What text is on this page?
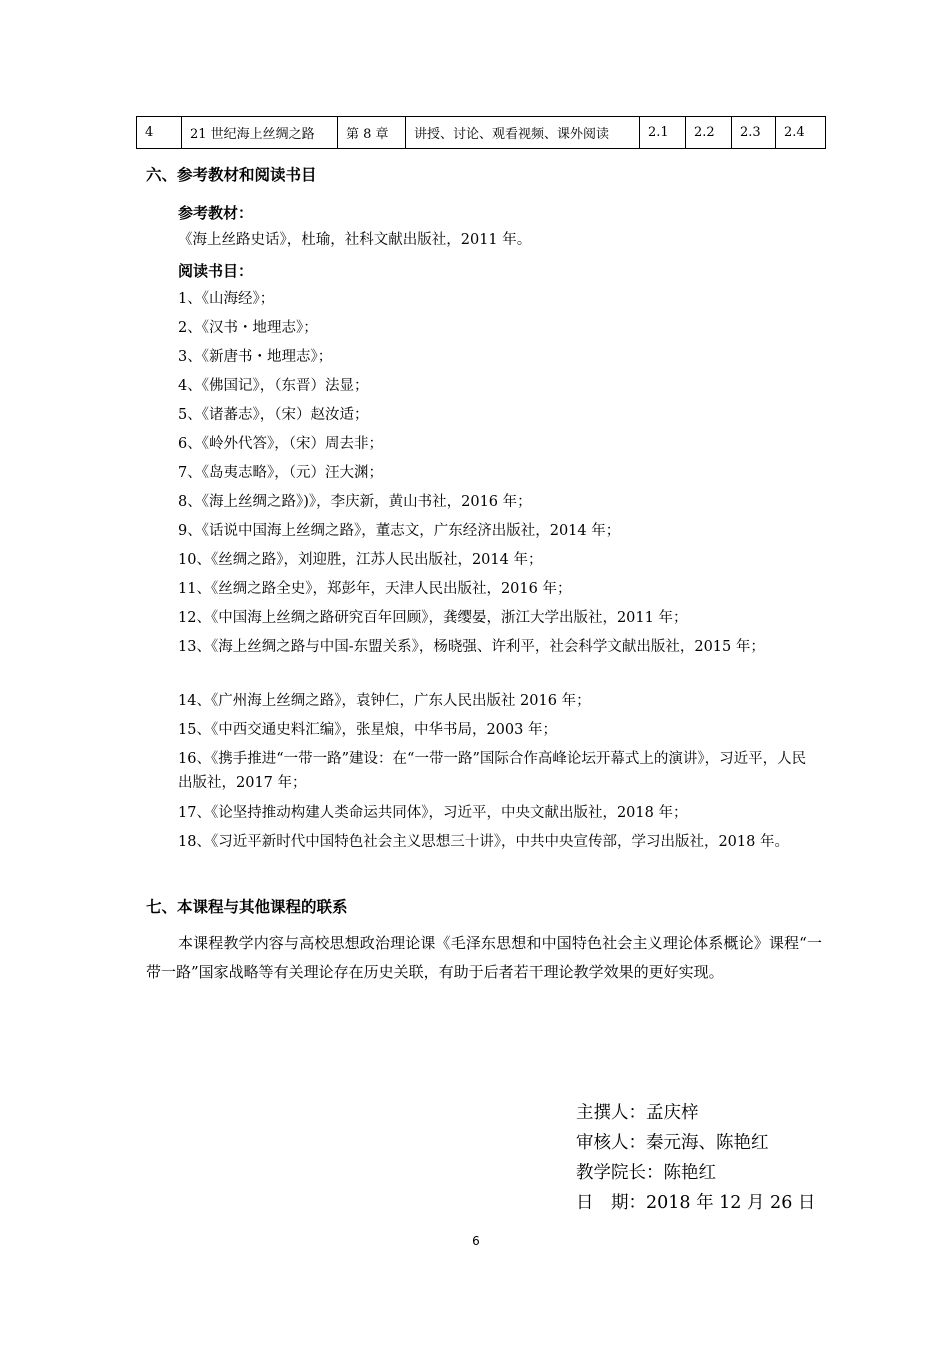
4	21 世纪海上丝绸之路	第 8 章	讲授、讨论、观看视频、课外阅读	2.1	2.2	2.3	2.4
六、参考教材和阅读书目
参考教材：
《海上丝路史话》，杜瑜，社科文献出版社，2011 年。
阅读书目：
1、《山海经》；
2、《汉书・地理志》；
3、《新唐书・地理志》；
4、《佛国记》，（东晋）法显；
5、《诸蕃志》，（宋）赵汝适；
6、《岭外代答》，（宋）周去非；
7、《岛夷志略》，（元）汪大渊；
8、《海上丝绸之路》)》，李庆新，黄山书社，2016 年；
9、《话说中国海上丝绸之路》，董志文，广东经济出版社，2014 年；
10、《丝绸之路》，刘迎胜，江苏人民出版社，2014 年；
11、《丝绸之路全史》，郑彭年，天津人民出版社，2016 年；
12、《中国海上丝绸之路研究百年回顾》，龚缨晏，浙江大学出版社，2011 年；
13、《海上丝绸之路与中国-东盟关系》，杨晓强、许利平，社会科学文献出版社，2015 年；
14、《广州海上丝绸之路》，袁钟仁，广东人民出版社 2016 年；
15、《中西交通史料汇编》，张星烺，中华书局，2003 年；
16、《携手推进“一带一路”建设：在“一带一路”国际合作高峰论坛开幕式上的演讲》，习近平，人民出版社，2017 年；
17、《论坚持推动构建人类命运共同体》，习近平，中央文献出版社，2018 年；
18、《习近平新时代中国特色社会主义思想三十讲》，中共中央宣传部，学习出版社，2018 年。
七、本课程与其他课程的联系
本课程教学内容与高校思想政治理论课《毛泽东思想和中国特色社会主义理论体系概论》课程“一带一路”国家战略等有关理论存在历史关联，有助于后者若干理论教学效果的更好实现。
主撰人：孟庆梓
审核人：秦元海、陈艳红
教学院长：陈艳红
日　期：2018 年 12 月 26 日
6
